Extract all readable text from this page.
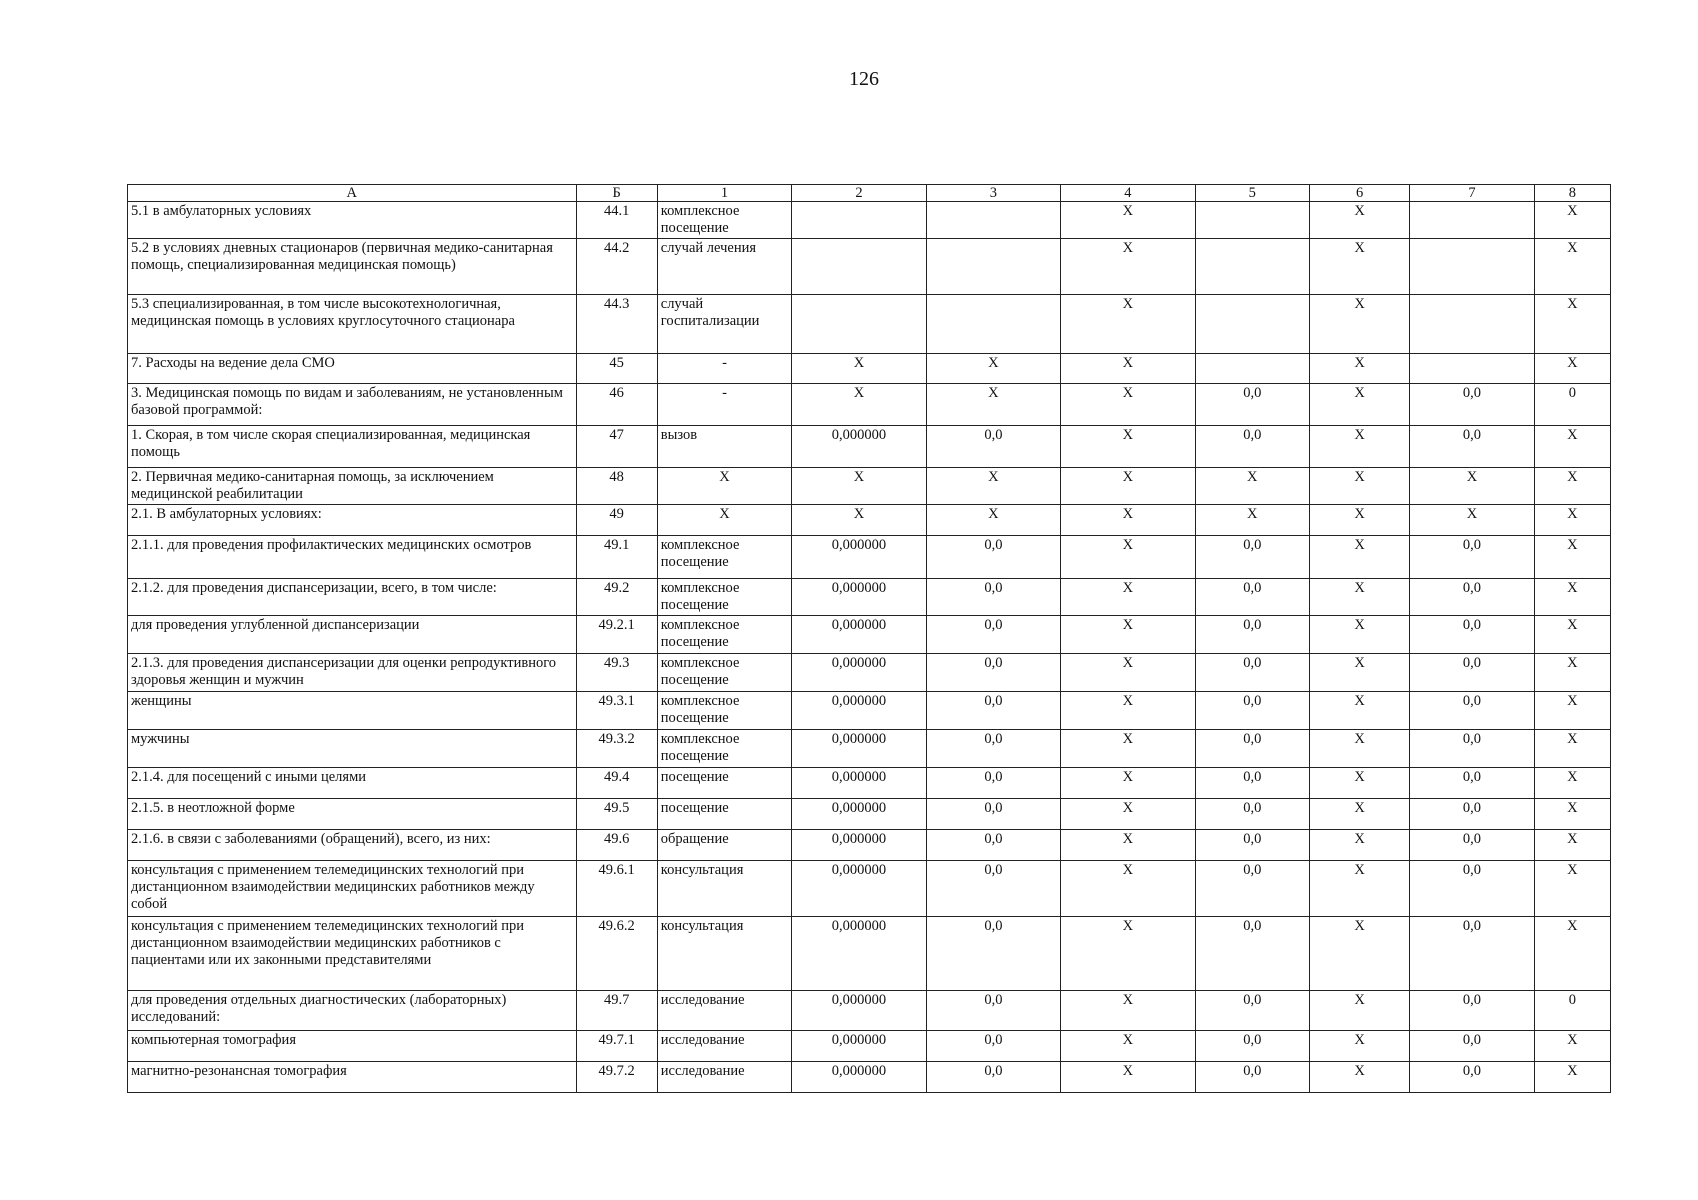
126
А	Б	1	2	3	4	5	6	7	8
5.1 в амбулаторных условиях	44.1	комплексное посещение			X		X		X
5.2 в условиях дневных стационаров (первичная медико-санитарная помощь, специализированная медицинская помощь)	44.2	случай лечения			X		X		X
5.3 специализированная, в том числе высокотехнологичная, медицинская помощь в условиях круглосуточного стационара	44.3	случай госпитализации			X		X		X
7. Расходы на ведение дела СМО	45	-	X	X	X		X		X
3. Медицинская помощь по видам и заболеваниям, не установленным базовой программой:	46	-	X	X	X	0,0	X	0,0	0
1. Скорая, в том числе скорая специализированная, медицинская помощь	47	вызов	0,000000	0,0	X	0,0	X	0,0	X
2. Первичная медико-санитарная помощь, за исключением медицинской реабилитации	48	X	X	X	X	X	X	X	X
2.1. В амбулаторных условиях:	49	X	X	X	X	X	X	X	X
2.1.1. для проведения профилактических медицинских осмотров	49.1	комплексное посещение	0,000000	0,0	X	0,0	X	0,0	X
2.1.2. для проведения диспансеризации, всего, в том числе:	49.2	комплексное посещение	0,000000	0,0	X	0,0	X	0,0	X
для проведения углубленной диспансеризации	49.2.1	комплексное посещение	0,000000	0,0	X	0,0	X	0,0	X
2.1.3. для проведения диспансеризации для оценки репродуктивного здоровья женщин и мужчин	49.3	комплексное посещение	0,000000	0,0	X	0,0	X	0,0	X
женщины	49.3.1	комплексное посещение	0,000000	0,0	X	0,0	X	0,0	X
мужчины	49.3.2	комплексное посещение	0,000000	0,0	X	0,0	X	0,0	X
2.1.4. для посещений с иными целями	49.4	посещение	0,000000	0,0	X	0,0	X	0,0	X
2.1.5. в неотложной форме	49.5	посещение	0,000000	0,0	X	0,0	X	0,0	X
2.1.6. в связи с заболеваниями (обращений), всего, из них:	49.6	обращение	0,000000	0,0	X	0,0	X	0,0	X
консультация с применением телемедицинских технологий при дистанционном взаимодействии медицинских работников между собой	49.6.1	консультация	0,000000	0,0	X	0,0	X	0,0	X
консультация с применением телемедицинских технологий при дистанционном взаимодействии медицинских работников с пациентами или их законными представителями	49.6.2	консультация	0,000000	0,0	X	0,0	X	0,0	X
для проведения отдельных диагностических (лабораторных) исследований:	49.7	исследование	0,000000	0,0	X	0,0	X	0,0	0
компьютерная томография	49.7.1	исследование	0,000000	0,0	X	0,0	X	0,0	X
магнитно-резонансная томография	49.7.2	исследование	0,000000	0,0	X	0,0	X	0,0	X
